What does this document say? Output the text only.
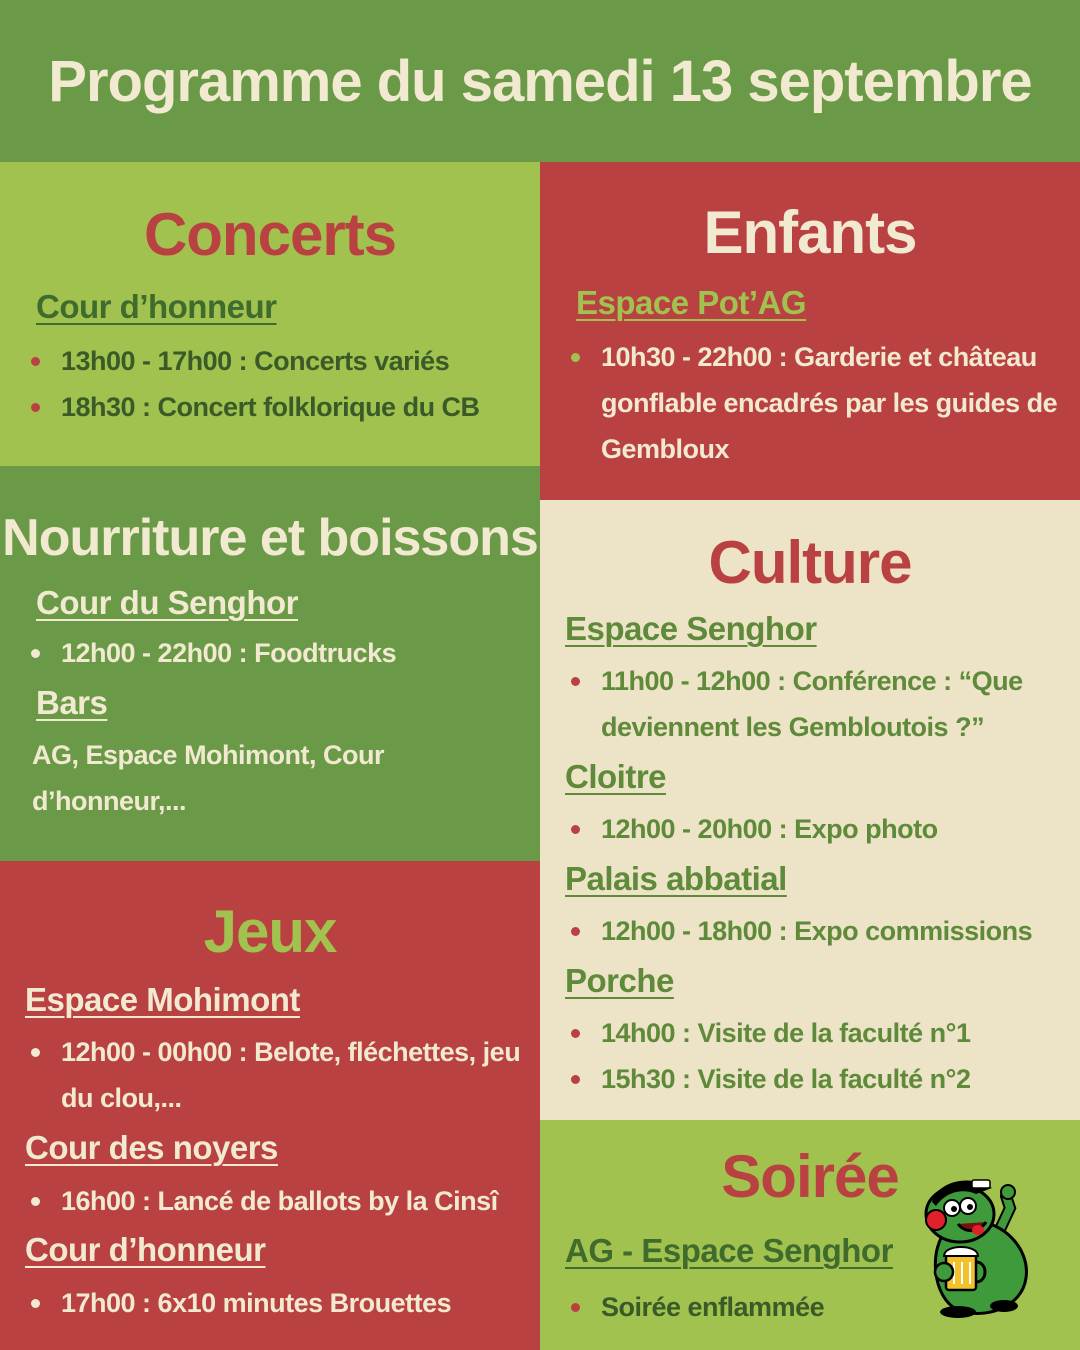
Programme du samedi 13 septembre
Concerts
Cour d’honneur
13h00 - 17h00 : Concerts variés
18h30 : Concert folklorique du CB
Enfants
Espace Pot’AG
10h30 - 22h00 : Garderie et château gonflable encadrés par les guides de Gembloux
Nourriture et boissons
Cour du Senghor
12h00 - 22h00 : Foodtrucks
Bars

AG, Espace Mohimont, Cour d’honneur,...

Jeux
Espace Mohimont
12h00 - 00h00 : Belote, fléchettes, jeu du clou,...
Cour des noyers
16h00 : Lancé de ballots by la Cinsî
Cour d’honneur
17h00 : 6x10 minutes Brouettes
Culture
Espace Senghor
11h00 - 12h00 : Conférence : “Que deviennent les Gembloutois ?”
Cloitre
12h00 - 20h00 : Expo photo
Palais abbatial
12h00 - 18h00 : Expo commissions
Porche
14h00 : Visite de la faculté n°1
15h30 : Visite de la faculté n°2
Soirée
AG - Espace Senghor
Soirée enflammée
